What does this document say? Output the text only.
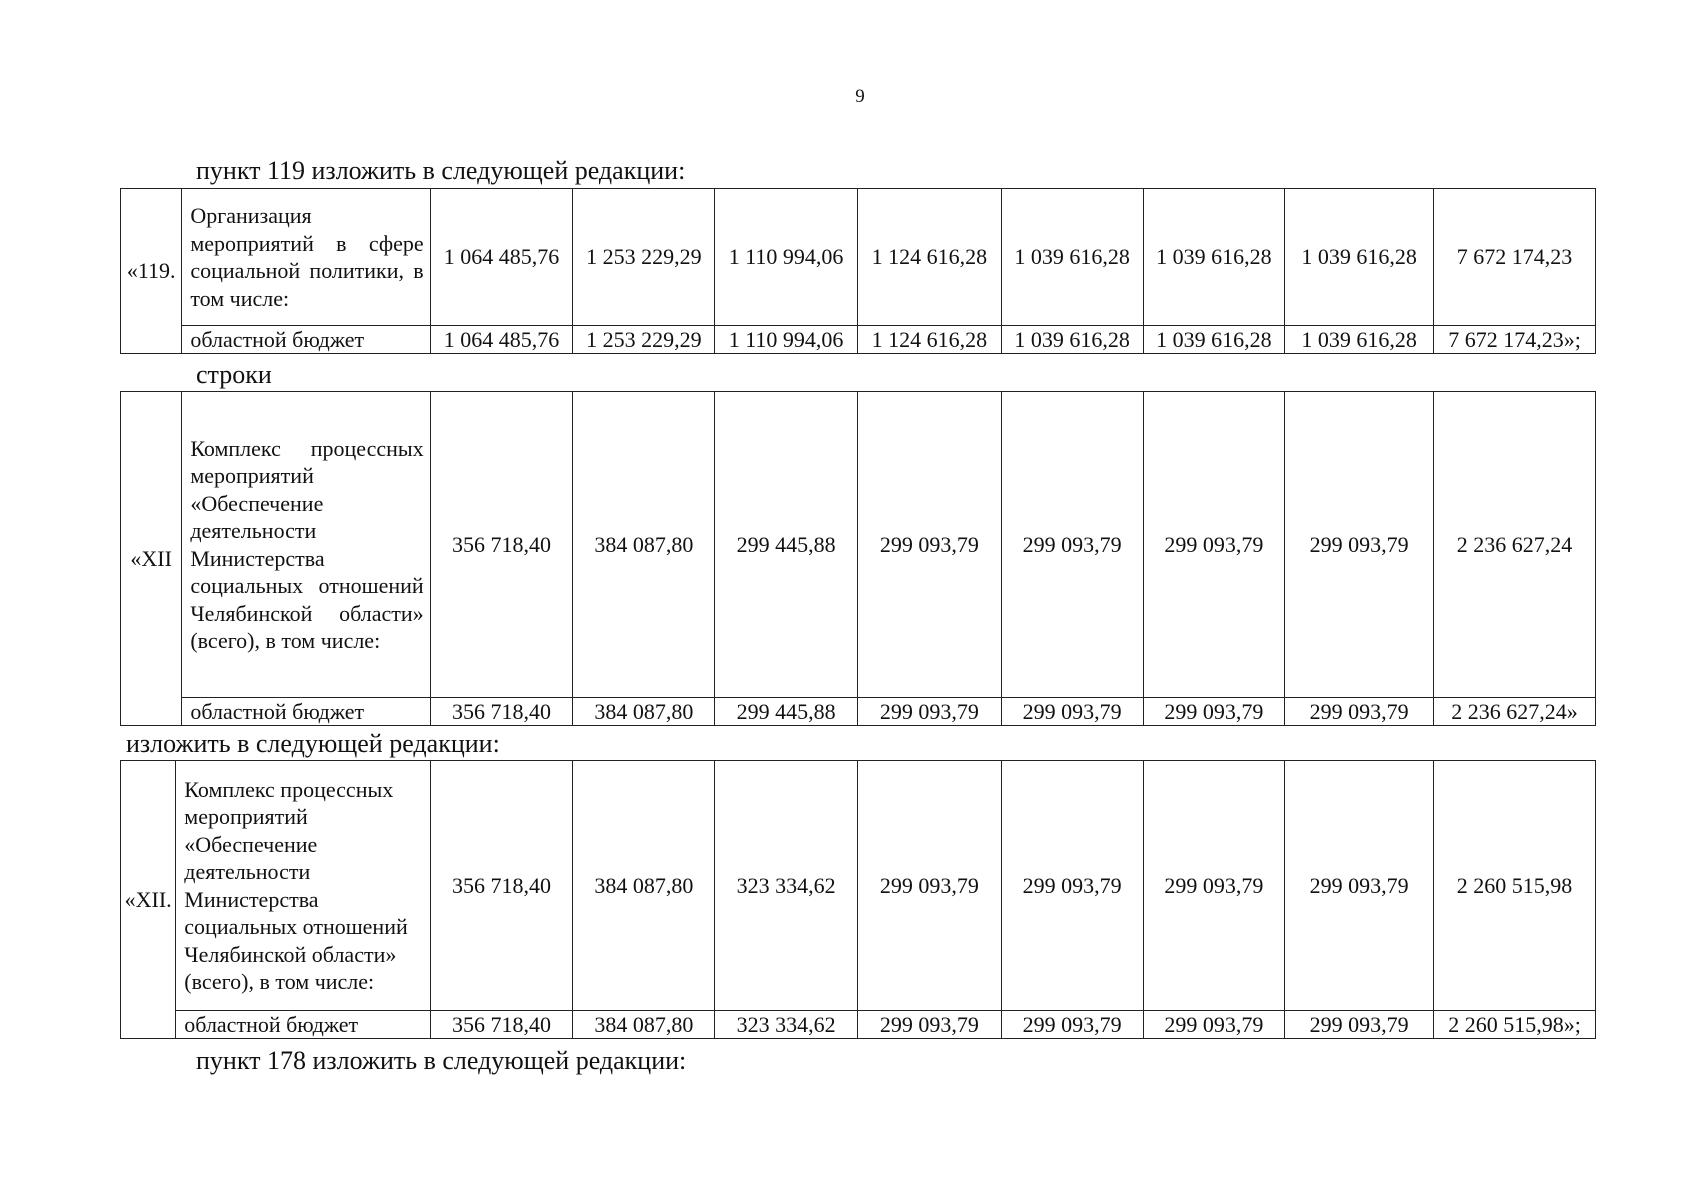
9
пункт 119 изложить в следующей редакции:
«119.	Организация мероприятий в сфере социальной политики, в том числе:	1 064 485,76	1 253 229,29	1 110 994,06	1 124 616,28	1 039 616,28	1 039 616,28	1 039 616,28	7 672 174,23
	областной бюджет	1 064 485,76	1 253 229,29	1 110 994,06	1 124 616,28	1 039 616,28	1 039 616,28	1 039 616,28	7 672 174,23»;
строки
«XII	Комплекс процессных мероприятий «Обеспечение деятельности Министерства социальных отношений Челябинской области» (всего), в том числе:	356 718,40	384 087,80	299 445,88	299 093,79	299 093,79	299 093,79	299 093,79	2 236 627,24
	областной бюджет	356 718,40	384 087,80	299 445,88	299 093,79	299 093,79	299 093,79	299 093,79	2 236 627,24»
изложить в следующей редакции:
«XII.	Комплекс процессных мероприятий «Обеспечение деятельности Министерства социальных отношений Челябинской области» (всего), в том числе:	356 718,40	384 087,80	323 334,62	299 093,79	299 093,79	299 093,79	299 093,79	2 260 515,98
	областной бюджет	356 718,40	384 087,80	323 334,62	299 093,79	299 093,79	299 093,79	299 093,79	2 260 515,98»;
пункт 178 изложить в следующей редакции:
